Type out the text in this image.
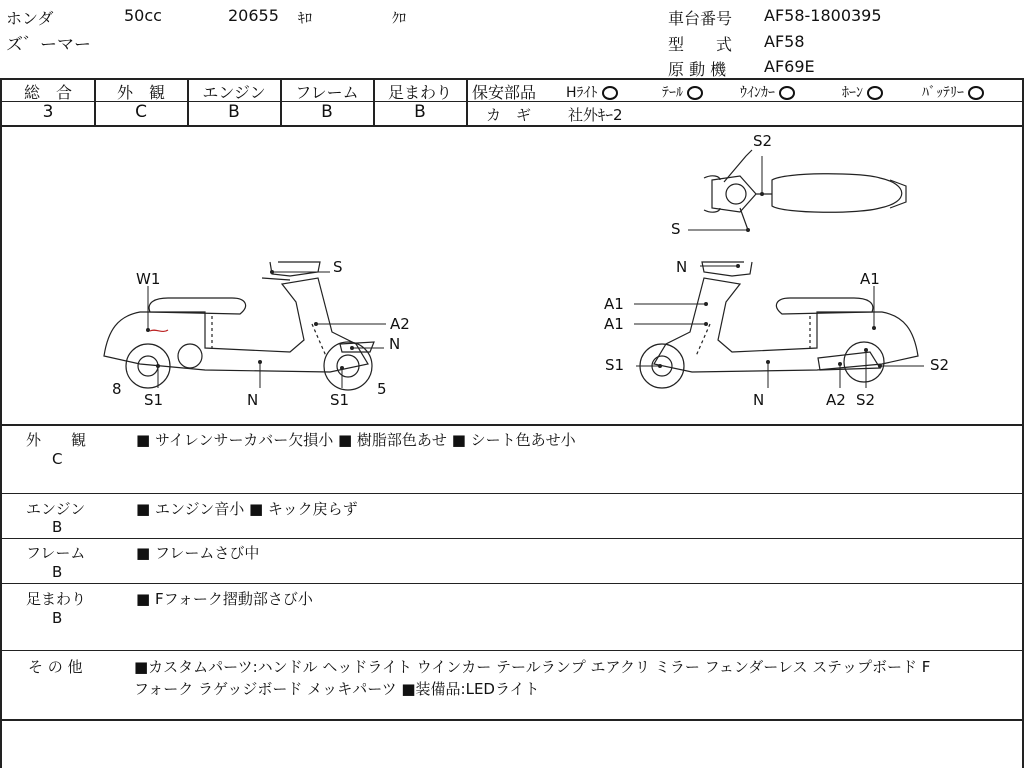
ホンダ	50cc	20655 ｷﾛ	ｸﾛ
ズ゛ーマー
車台番号 AF58-1800395
型　　式 AF58
原 動 機 AF69E
総　合
3
外　観
C
エンジン
B
フレーム
B
足まわり
B
保安部品 Hﾗｲﾄ	ﾃｰﾙ	ｳｲﾝｶｰ	ﾎｰﾝ	ﾊﾞｯﾃﾘｰ
カ　ギ 社外ｷｰ2
W1
S
A2
N
8
S1	N	S1
5
S2
S
N
A1
A1
A1
S1	S2
N	A2 S2
外　　観
C
■ サイレンサーカバー欠損小 ■ 樹脂部色あせ ■ シート色あせ小
エンジン
B
■ エンジン音小 ■ キック戻らず
フレーム
B
■ フレームさび中
足まわり
B
■ Fフォーク摺動部さび小
そ の 他	■カスタムパーツ:ハンドル ヘッドライト ウインカー テールランプ エアクリ ミラー フェンダーレス ステップボード F
フォーク ラゲッジボード メッキパーツ ■装備品:LEDライト
